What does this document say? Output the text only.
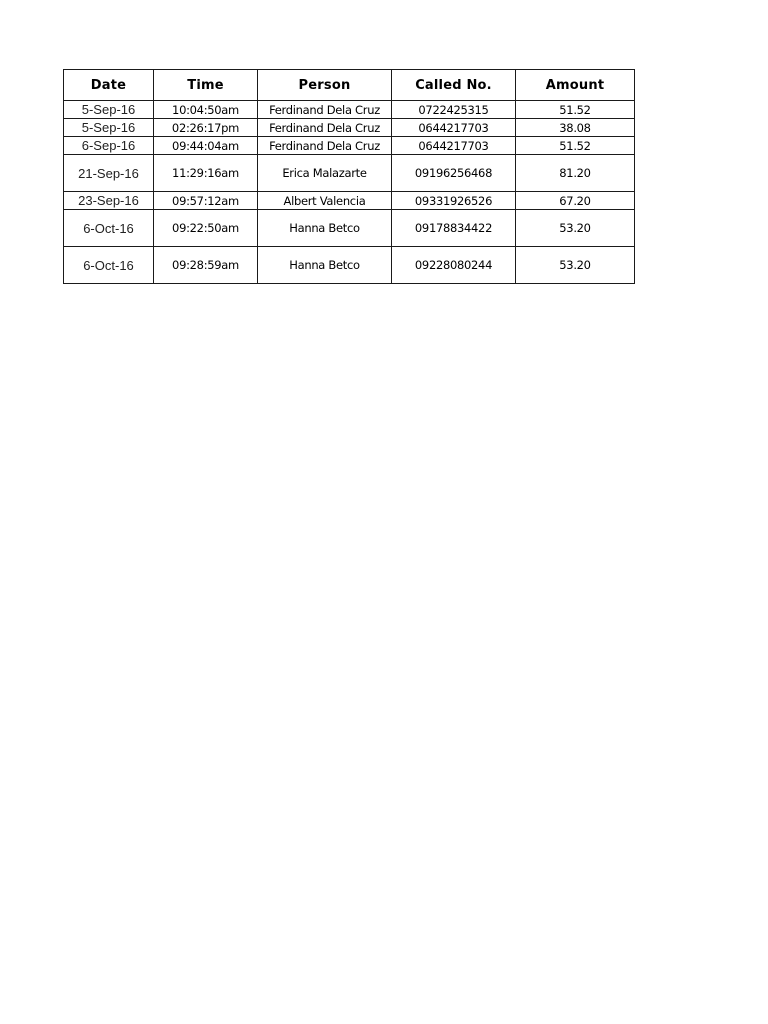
Date	Time	Person	Called No.	Amount
5-Sep-16	10:04:50am	Ferdinand Dela Cruz	0722425315	51.52
5-Sep-16	02:26:17pm	Ferdinand Dela Cruz	0644217703	38.08
6-Sep-16	09:44:04am	Ferdinand Dela Cruz	0644217703	51.52
21-Sep-16	11:29:16am	Erica Malazarte	09196256468	81.20
23-Sep-16	09:57:12am	Albert Valencia	09331926526	67.20
6-Oct-16	09:22:50am	Hanna Betco	09178834422	53.20
6-Oct-16	09:28:59am	Hanna Betco	09228080244	53.20
